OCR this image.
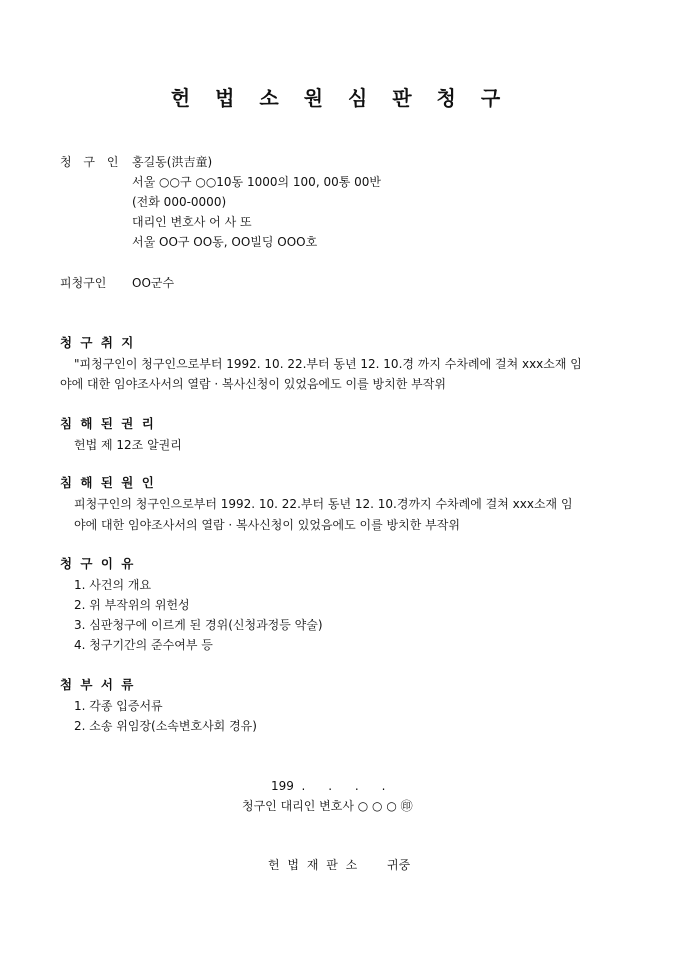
헌 법 소 원 심 판 청 구
청 구 인 홍길동(洪吉童)
서울 ○○구 ○○10동 1000의 100, 00통 00반
(전화 000-0000)
대리인 변호사 어 사 또
서울 OO구 OO동, OO빌딩 OOO호
피청구인 OO군수
청 구 취 지
"피청구인이 청구인으로부터 1992. 10. 22.부터 동년 12. 10.경 까지 수차례에 걸쳐 xxx소재 임
야에 대한 임야조사서의 열람 · 복사신청이 있었음에도 이를 방치한 부작위
침 해 된 권 리
헌법 제 12조 알권리
침 해 된 원 인
피청구인의 청구인으로부터 1992. 10. 22.부터 동년 12. 10.경까지 수차례에 걸쳐 xxx소재 임
야에 대한 임야조사서의 열람 · 복사신청이 있었음에도 이를 방치한 부작위
청 구 이 유
1. 사건의 개요
2. 위 부작위의 위헌성
3. 심판청구에 이르게 된 경위(신청과정등 약술)
4. 청구기간의 준수여부 등
첨 부 서 류
1. 각종 입증서류
2. 소송 위임장(소속변호사회 경유)
199  .      .      .      .
청구인 대리인 변호사 ○ ○ ○ ㊞
헌 법 재 판 소 귀중
